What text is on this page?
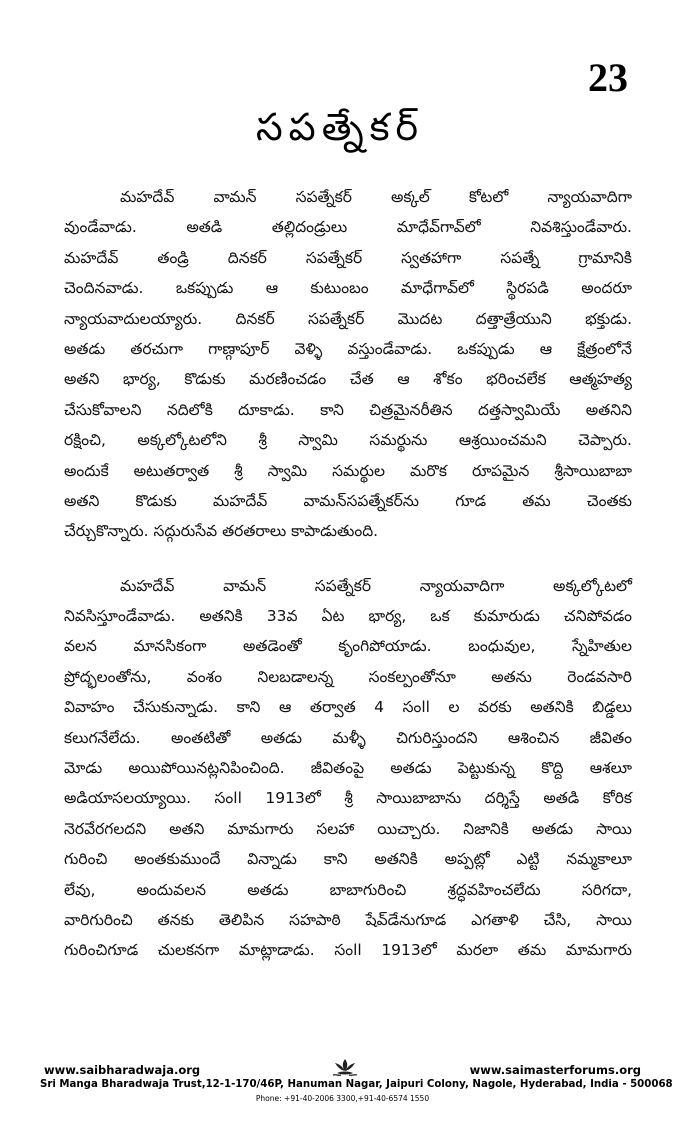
23
సపత్నేకర్

మహదేవ్ వామన్ సపత్నేకర్ అక్కల్ కోటలో న్యాయవాదిగా
వుండేవాడు. అతడి తల్లిదండ్రులు మాధేవ్‌గావ్‌లో నివశిస్తుండేవారు.
మహదేవ్ తండ్రి దినకర్ సపత్నేకర్ స్వతహాగా సపత్నే గ్రామానికి
చెందినవాడు. ఒకప్పుడు ఆ కుటుంబం మాధేగావ్‌లో స్థిరపడి అందరూ
న్యాయవాదులయ్యారు. దినకర్ సపత్నేకర్ మొదట దత్తాత్రేయుని భక్తుడు.
అతడు తరచుగా గాణ్గాపూర్ వెళ్ళి వస్తుండేవాడు. ఒకప్పుడు ఆ క్షేత్రంలోనే
అతని భార్య, కొడుకు మరణించడం చేత ఆ శోకం భరించలేక ఆత్మహత్య
చేసుకోవాలని నదిలోకి దూకాడు. కాని చిత్రమైనరీతిన దత్తస్వామియే అతనిని
రక్షించి, అక్కల్కోటలోని శ్రీ స్వామి సమర్థును ఆశ్రయించమని చెప్పారు.
అందుకే అటుతర్వాత శ్రీ స్వామి సమర్థుల మరొక రూపమైన శ్రీసాయిబాబా
అతని కొడుకు మహదేవ్ వామన్‌సపత్నేకర్‌ను గూడ తమ చెంతకు
చేర్చుకొన్నారు. సద్గురుసేవ తరతరాలు కాపాడుతుంది.

మహదేవ్ వామన్ సపత్నేకర్ న్యాయవాదిగా అక్కల్కోటలో
నివసిస్తూండేవాడు. అతనికి 33వ ఏట భార్య, ఒక కుమారుడు చనిపోవడం
వలన మానసికంగా అతడెంతో కృంగిపోయాడు. బంధువుల, స్నేహితుల
ప్రోద్భలంతోను, వంశం నిలబడాలన్న సంకల్పంతోనూ అతను రెండవసారి
వివాహం చేసుకున్నాడు. కాని ఆ తర్వాత 4 సంll ల వరకు అతనికి బిడ్డలు
కలుగనేలేదు. అంతటితో అతడు మళ్ళీ చిగురిస్తుందని ఆశించిన జీవితం
మోడు అయిపోయినట్లనిపించింది. జీవితంపై అతడు పెట్టుకున్న కొద్ది ఆశలూ
అడియాసలయ్యాయి. సంll 1913లో శ్రీ సాయిబాబాను దర్శిస్తే అతడి కోరిక
నెరవేరగలదని అతని మామగారు సలహా యిచ్చారు. నిజానికి అతడు సాయి
గురించి అంతకుముందే విన్నాడు కాని అతనికి అప్పట్లో ఎట్టి నమ్మకాలూ
లేవు, అందువలన అతడు బాబాగురించి శ్రద్ధవహించలేదు సరిగదా,
వారిగురించి తనకు తెలిపిన సహపాఠి షేవ్‌డేనుగూడ ఎగతాళి చేసి, సాయి
గురించిగూడ చులకనగా మాట్లాడాడు. సంll 1913లో మరలా తమ మామగారు

www.saibharadwaja.org	www.saimasterforums.org
Sri Manga Bharadwaja Trust,12-1-170/46P, Hanuman Nagar, Jaipuri Colony, Nagole, Hyderabad, India - 500068
Phone: +91-40-2006 3300,+91-40-6574 1550
